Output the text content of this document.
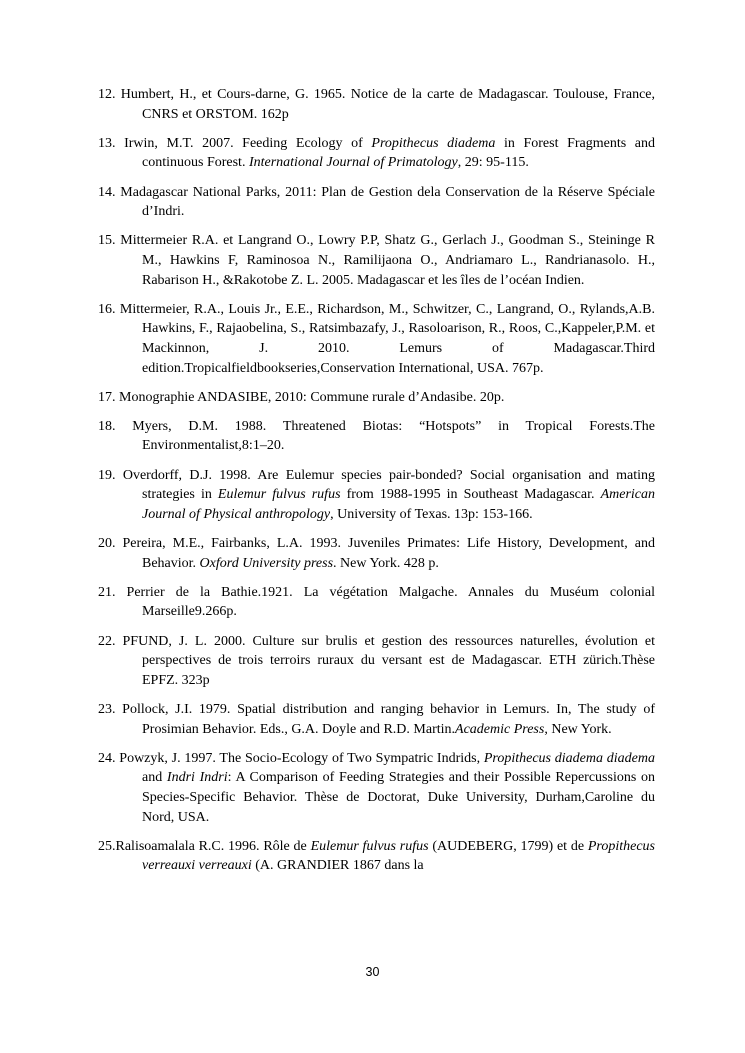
12. Humbert, H., et Cours-darne, G. 1965. Notice de la carte de Madagascar. Toulouse, France, CNRS et ORSTOM. 162p

13. Irwin, M.T. 2007. Feeding Ecology of Propithecus diadema in Forest Fragments and continuous Forest. International Journal of Primatology, 29: 95-115.

14. Madagascar National Parks, 2011: Plan de Gestion dela Conservation de la Réserve Spéciale d’Indri.

15. Mittermeier R.A. et Langrand O., Lowry P.P, Shatz G., Gerlach J., Goodman S., Steininge R M., Hawkins F, Raminosoa N., Ramilijaona O., Andriamaro L., Randrianasolo. H., Rabarison H., &Rakotobe Z. L. 2005. Madagascar et les îles de l’océan Indien.

16. Mittermeier, R.A., Louis Jr., E.E., Richardson, M., Schwitzer, C., Langrand, O., Rylands,A.B. Hawkins, F., Rajaobelina, S., Ratsimbazafy, J., Rasoloarison, R., Roos, C.,Kappeler,P.M. et Mackinnon, J. 2010. Lemurs of Madagascar.Third edition.Tropicalfieldbookseries,Conservation International, USA. 767p.

17. Monographie ANDASIBE, 2010: Commune rurale d’Andasibe. 20p.

18. Myers, D.M. 1988. Threatened Biotas: “Hotspots” in Tropical Forests.The Environmentalist,8:1–20.

19. Overdorff, D.J. 1998. Are Eulemur species pair-bonded? Social organisation and mating strategies in Eulemur fulvus rufus from 1988-1995 in Southeast Madagascar. American Journal of Physical anthropology, University of Texas. 13p: 153-166.

20. Pereira, M.E., Fairbanks, L.A. 1993. Juveniles Primates: Life History, Development, and Behavior. Oxford University press. New York. 428 p.

21. Perrier de la Bathie.1921. La végétation Malgache. Annales du Muséum colonial Marseille9.266p.

22. PFUND, J. L. 2000. Culture sur brulis et gestion des ressources naturelles, évolution et perspectives de trois terroirs ruraux du versant est de Madagascar. ETH zürich.Thèse EPFZ. 323p

23. Pollock, J.I. 1979. Spatial distribution and ranging behavior in Lemurs. In, The study of Prosimian Behavior. Eds., G.A. Doyle and R.D. Martin.Academic Press, New York.

24. Powzyk, J. 1997. The Socio-Ecology of Two Sympatric Indrids, Propithecus diadema diadema and Indri Indri: A Comparison of Feeding Strategies and their Possible Repercussions on Species-Specific Behavior. Thèse de Doctorat, Duke University, Durham,Caroline du Nord, USA.

25.Ralisoamalala R.C. 1996. Rôle de Eulemur fulvus rufus (AUDEBERG, 1799) et de Propithecus verreauxi verreauxi (A. GRANDIER 1867 dans la

30
